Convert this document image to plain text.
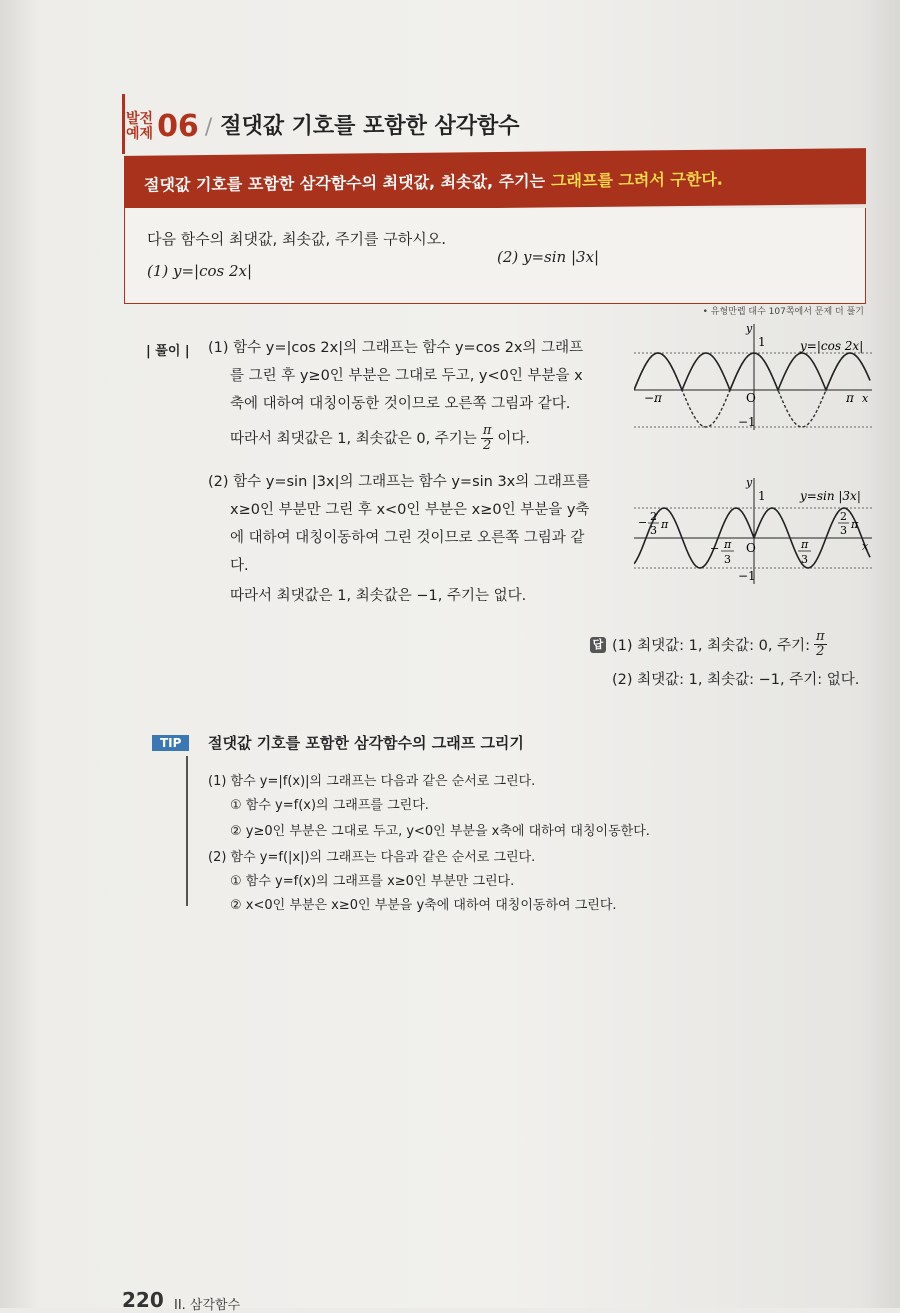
발전
예제 06 / 절댓값 기호를 포함한 삼각함수
절댓값 기호를 포함한 삼각함수의 최댓값, 최솟값, 주기는 그래프를 그려서 구한다.
다음 함수의 최댓값, 최솟값, 주기를 구하시오.
(1) y=|cos 2x|
(2) y=sin |3x|
• 유형만렙 대수 107쪽에서 문제 더 풀기
| 풀이 | (1) 함수 y=|cos 2x|의 그래프는 함수 y=cos 2x의 그래프
를 그린 후 y≥0인 부분은 그대로 두고, y<0인 부분을 x
축에 대하여 대칭이동한 것이므로 오른쪽 그림과 같다.
따라서 최댓값은 1, 최솟값은 0, 주기는 $\frac{\pi}{2}$ 이다.
1
y
x
O
−1
−π	π
y=|cos 2x|
(2) 함수 y=sin |3x|의 그래프는 함수 y=sin 3x의 그래프를
x≥0인 부분만 그린 후 x<0인 부분은 x≥0인 부분을 y축
에 대하여 대칭이동하여 그린 것이므로 오른쪽 그림과 같
다.
따라서 최댓값은 1, 최솟값은 −1, 주기는 없다.
1
y
x
O
−1
y=sin |3x|
− 2
3 π
2
3 π
− π
3
π
3
답 (1) 최댓값: 1, 최솟값: 0, 주기: $\frac{\pi}{2}$
(2) 최댓값: 1, 최솟값: −1, 주기: 없다.
TIP	절댓값 기호를 포함한 삼각함수의 그래프 그리기
(1) 함수 y=|f(x)|의 그래프는 다음과 같은 순서로 그린다.
① 함수 y=f(x)의 그래프를 그린다.
② y≥0인 부분은 그대로 두고, y<0인 부분을 x축에 대하여 대칭이동한다.
(2) 함수 y=f(|x|)의 그래프는 다음과 같은 순서로 그린다.
① 함수 y=f(x)의 그래프를 x≥0인 부분만 그린다.
② x<0인 부분은 x≥0인 부분을 y축에 대하여 대칭이동하여 그린다.
220 II. 삼각함수
